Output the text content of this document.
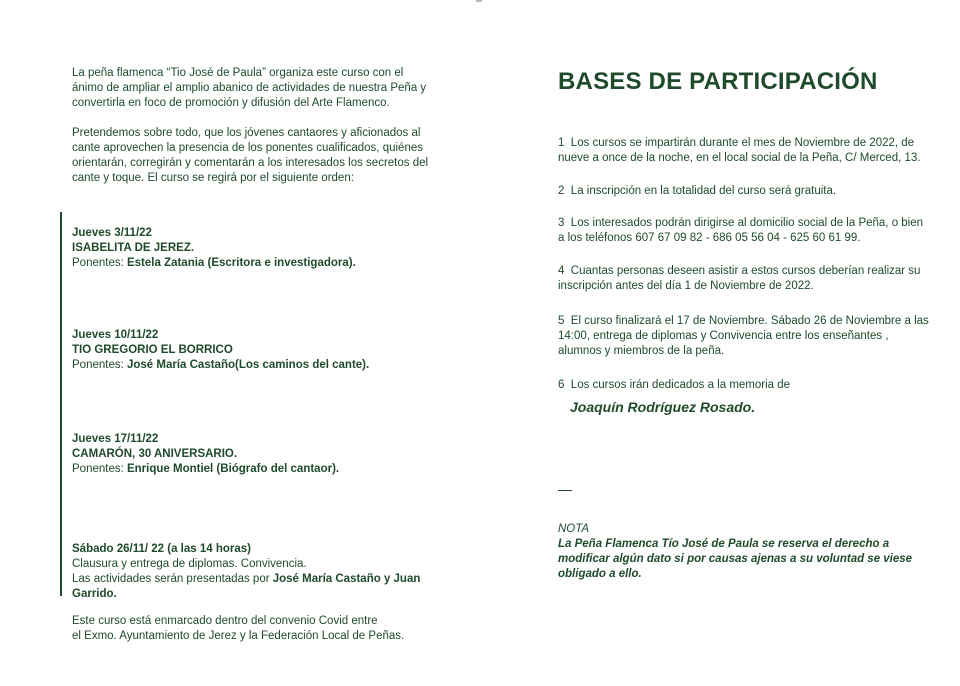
La peña flamenca “Tio José de Paula” organiza este curso con el ánimo de ampliar el amplio abanico de actividades de nuestra Peña y convertirla en foco de promoción y difusión del Arte Flamenco.

Pretendemos sobre todo, que los jóvenes cantaores y aficionados al cante aprovechen la presencia de los ponentes cualificados, quiénes orientarán, corregirán y comentarán a los interesados los secretos del cante y toque. El curso se regirá por el siguiente orden:

Jueves 3/11/22

ISABELITA DE JEREZ.

Ponentes: Estela Zatania (Escritora e investigadora).

Jueves 10/11/22

TIO GREGORIO EL BORRICO

Ponentes: José María Castaño(Los caminos del cante).

Jueves 17/11/22

CAMARÓN, 30 ANIVERSARIO.

Ponentes: Enrique Montiel (Biógrafo del cantaor).

Sábado 26/11/ 22 (a las 14 horas)

Clausura y entrega de diplomas. Convivencia.

Las actividades serán presentadas por José María Castaño y Juan Garrido.

Este curso está enmarcado dentro del convenio Covid entre

el Exmo. Ayuntamiento de Jerez y la Federación Local de Peñas.

BASES DE PARTICIPACIÓN

1 Los cursos se impartirán durante el mes de Noviembre de 2022, de nueve a once de la noche, en el local social de la Peña, C/ Merced, 13.

2 La inscripción en la totalidad del curso será gratuita.

3 Los interesados podrán dirigirse al domicilio social de la Peña, o bien a los teléfonos 607 67 09 82 - 686 05 56 04 - 625 60 61 99.

4 Cuantas personas deseen asistir a estos cursos deberían realizar su inscripción antes del día 1 de Noviembre de 2022.

5 El curso finalizará el 17 de Noviembre. Sábado 26 de Noviembre a las 14:00, entrega de diplomas y Convivencia entre los enseñantes , alumnos y miembros de la peña.

6 Los cursos irán dedicados a la memoria de

Joaquín Rodríguez Rosado.

NOTA

La Peña Flamenca Tío José de Paula se reserva el derecho a modificar algún dato si por causas ajenas a su voluntad se viese obligado a ello.
